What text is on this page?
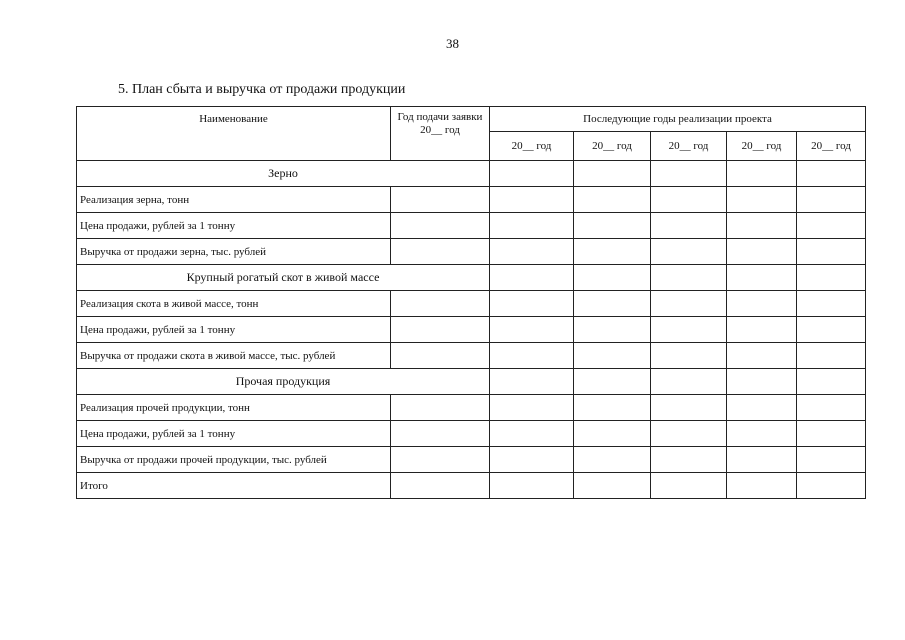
38
5. План сбыта и выручка от продажи продукции
Наименование	Год подачи заявки 20__ год	Последующие годы реализации проекта				
		20__ год	20__ год	20__ год	20__ год	20__ год
Зерно						
Реализация зерна, тонн						
Цена продажи, рублей за 1 тонну						
Выручка от продажи зерна, тыс. рублей						
Крупный рогатый скот в живой массе						
Реализация скота в живой массе, тонн						
Цена продажи, рублей за 1 тонну						
Выручка от продажи скота в живой массе, тыс. рублей						
Прочая продукция						
Реализация прочей продукции, тонн						
Цена продажи, рублей за 1 тонну						
Выручка от продажи прочей продукции, тыс. рублей						
Итого						
